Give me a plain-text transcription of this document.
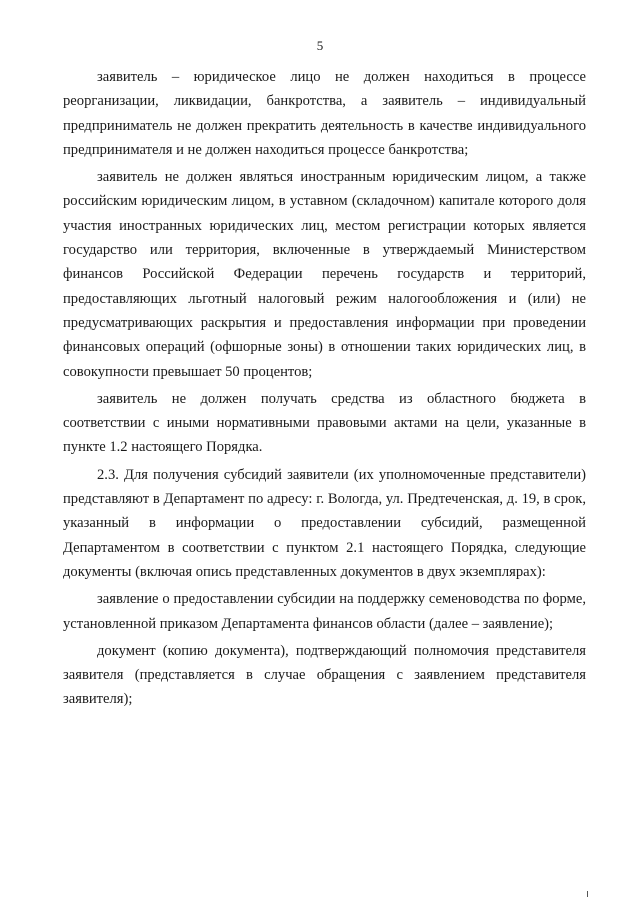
5

заявитель – юридическое лицо не должен находиться в процессе реорганизации, ликвидации, банкротства, а заявитель – индивидуальный предприниматель не должен прекратить деятельность в качестве индивидуального предпринимателя и не должен находиться процессе банкротства;

заявитель не должен являться иностранным юридическим лицом, а также российским юридическим лицом, в уставном (складочном) капитале которого доля участия иностранных юридических лиц, местом регистрации которых является государство или территория, включенные в утверждаемый Министерством финансов Российской Федерации перечень государств и территорий, предоставляющих льготный налоговый режим налогообложения и (или) не предусматривающих раскрытия и предоставления информации при проведении финансовых операций (офшорные зоны) в отношении таких юридических лиц, в совокупности превышает 50 процентов;

заявитель не должен получать средства из областного бюджета в соответствии с иными нормативными правовыми актами на цели, указанные в пункте 1.2 настоящего Порядка.

2.3. Для получения субсидий заявители (их уполномоченные представители) представляют в Департамент по адресу: г. Вологда, ул. Предтеченская, д. 19, в срок, указанный в информации о предоставлении субсидий, размещенной Департаментом в соответствии с пунктом 2.1 настоящего Порядка, следующие документы (включая опись представленных документов в двух экземплярах):

заявление о предоставлении субсидии на поддержку семеноводства по форме, установленной приказом Департамента финансов области (далее – заявление);

документ (копию документа), подтверждающий полномочия представителя заявителя (представляется в случае обращения с заявлением представителя заявителя);
